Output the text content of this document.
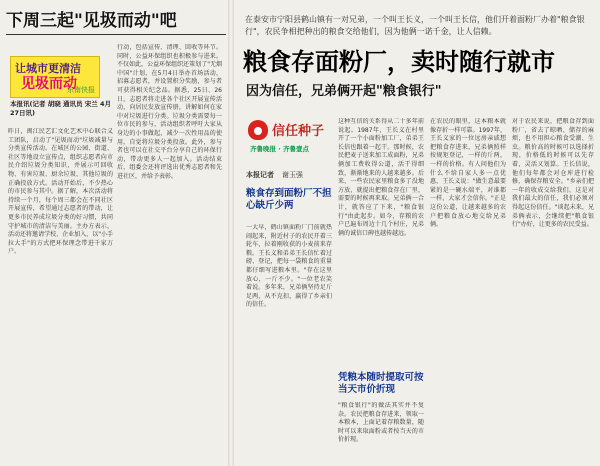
下周三起"见圾而动"吧
让城市更清洁
见圾而动
东南快报
本报讯(记者 胡晓 通讯员 宋兰 4月27日讯)
昨日，闽江民艺汇文化艺术中心联合义工团队，启动了"见圾而动"垃圾减量与分类宣传活动。在城区的公园、街道、社区等地设立宣传点，组织志愿者向市民介绍垃圾分类知识，并展示可回收物、有害垃圾、厨余垃圾、其他垃圾的正确投放方式。活动开始后，不少热心的市民参与其中。据了解，本次活动将持续一个月，每个周三都会在不同社区开展宣传，希望通过志愿者的带动，让更多市民养成垃圾分类的好习惯，共同守护城市的清洁与美丽。主办方表示，活动还将邀请学校、企业加入，以"小手拉大手"的方式把环保理念带进千家万户。
行动，包括宣传、清理、回收等环节。同时，公益环保组织也积极参与进来。不仅如此，公益环保组织还策划了"无烟中国"计划，在5月4日举办首场活动，招募志愿者，并设置积分奖励，参与者可获得相关纪念品。据悉，25日、26日，志愿者将走进各个社区开展宣传活动，向居民发放宣传册，讲解如何在家中对垃圾进行分类。垃圾分类需要每一位市民的参与，活动组织者呼吁大家从身边的小事做起，减少一次性用品的使用，自觉将垃圾分类投放。此外，参与者也可以在社交平台分享自己的环保行动，带动更多人一起加入。活动结束后，组委会还将评选出优秀志愿者和先进社区，并给予表彰。
在泰安市宁阳县鹤山镇有一对兄弟，一个叫王长义，一个叫王长信，他们开着面粉厂办着"粮食银行"，农民争相把种出的粮食交给他们，因为他俩一诺千金，让人信赖。
粮食存面粉厂，卖时随行就市
因为信任，兄弟俩开起"粮食银行"
信任种子
齐鲁晚报 · 齐鲁壹点
本报记者 谢玉强
粮食存到面粉厂不担心缺斤少两
一大早，鹤山镇面粉厂门前就热闹起来，附近村子的农民开着三轮车，拉着刚收获的小麦前来存粮。王长义和弟弟王长信忙着过磅、登记，把每一袋粮食的重量都仔细写进粮本里。"存在这里放心，一斤不少。"一位老农笑着说。多年来，兄弟俩坚持足斤足两，从不克扣，赢得了乡亲们的信任。
这种互信的关系得从二十多年前说起。1987年，王长义在村里开了一个小面粉加工厂，弟弟王长信也跟着一起干。那时候，农民把麦子送来加工成面粉，兄弟俩加工费收得公道，活干得细致，渐渐地来的人越来越多。后来，一些农民家里粮食多了没地方放，就提出把粮食存在厂里，需要的时候再来取。兄弟俩一合计，就答应了下来，"粮食银行"由此起步。如今，存粮的农户已遍布周边十几个村庄，兄弟俩的诚信口碑也越传越远。
凭粮本随时提取可按当天市价折现
"粮食银行"的做法其实并不复杂。农民把粮食存进来，领取一本粮本，上面记着存粮数量，随时可以来取面粉或者按当天的市价折现。
在农民的眼里，这本粮本就像存折一样可靠。1997年，王长义家的一位远房亲戚想把粮食存进来，兄弟俩照样按规矩登记，一样的斤两，一样的价格。有人问他们为什么不给自家人多一点优惠，王长义说："做生意最要紧的是一碗水端平，对谁都一样，大家才会信你。"正是这份公道，让越来越多的农户把粮食放心地交给兄弟俩。
对于农民来说，把粮食存到面粉厂，省去了晾晒、储存的麻烦，也不用担心粮食受潮、生虫。粮价高的时候可以选择折现，价格低的时候可以先存着，灵活又划算。王长信说，他们每年都会对仓库进行检修，确保存粮安全。"乡亲们把一年的收成交给我们，这是对我们最大的信任，我们必须对得起这份信任。"谈起未来，兄弟俩表示，会继续把"粮食银行"办好，让更多的农民受益。
